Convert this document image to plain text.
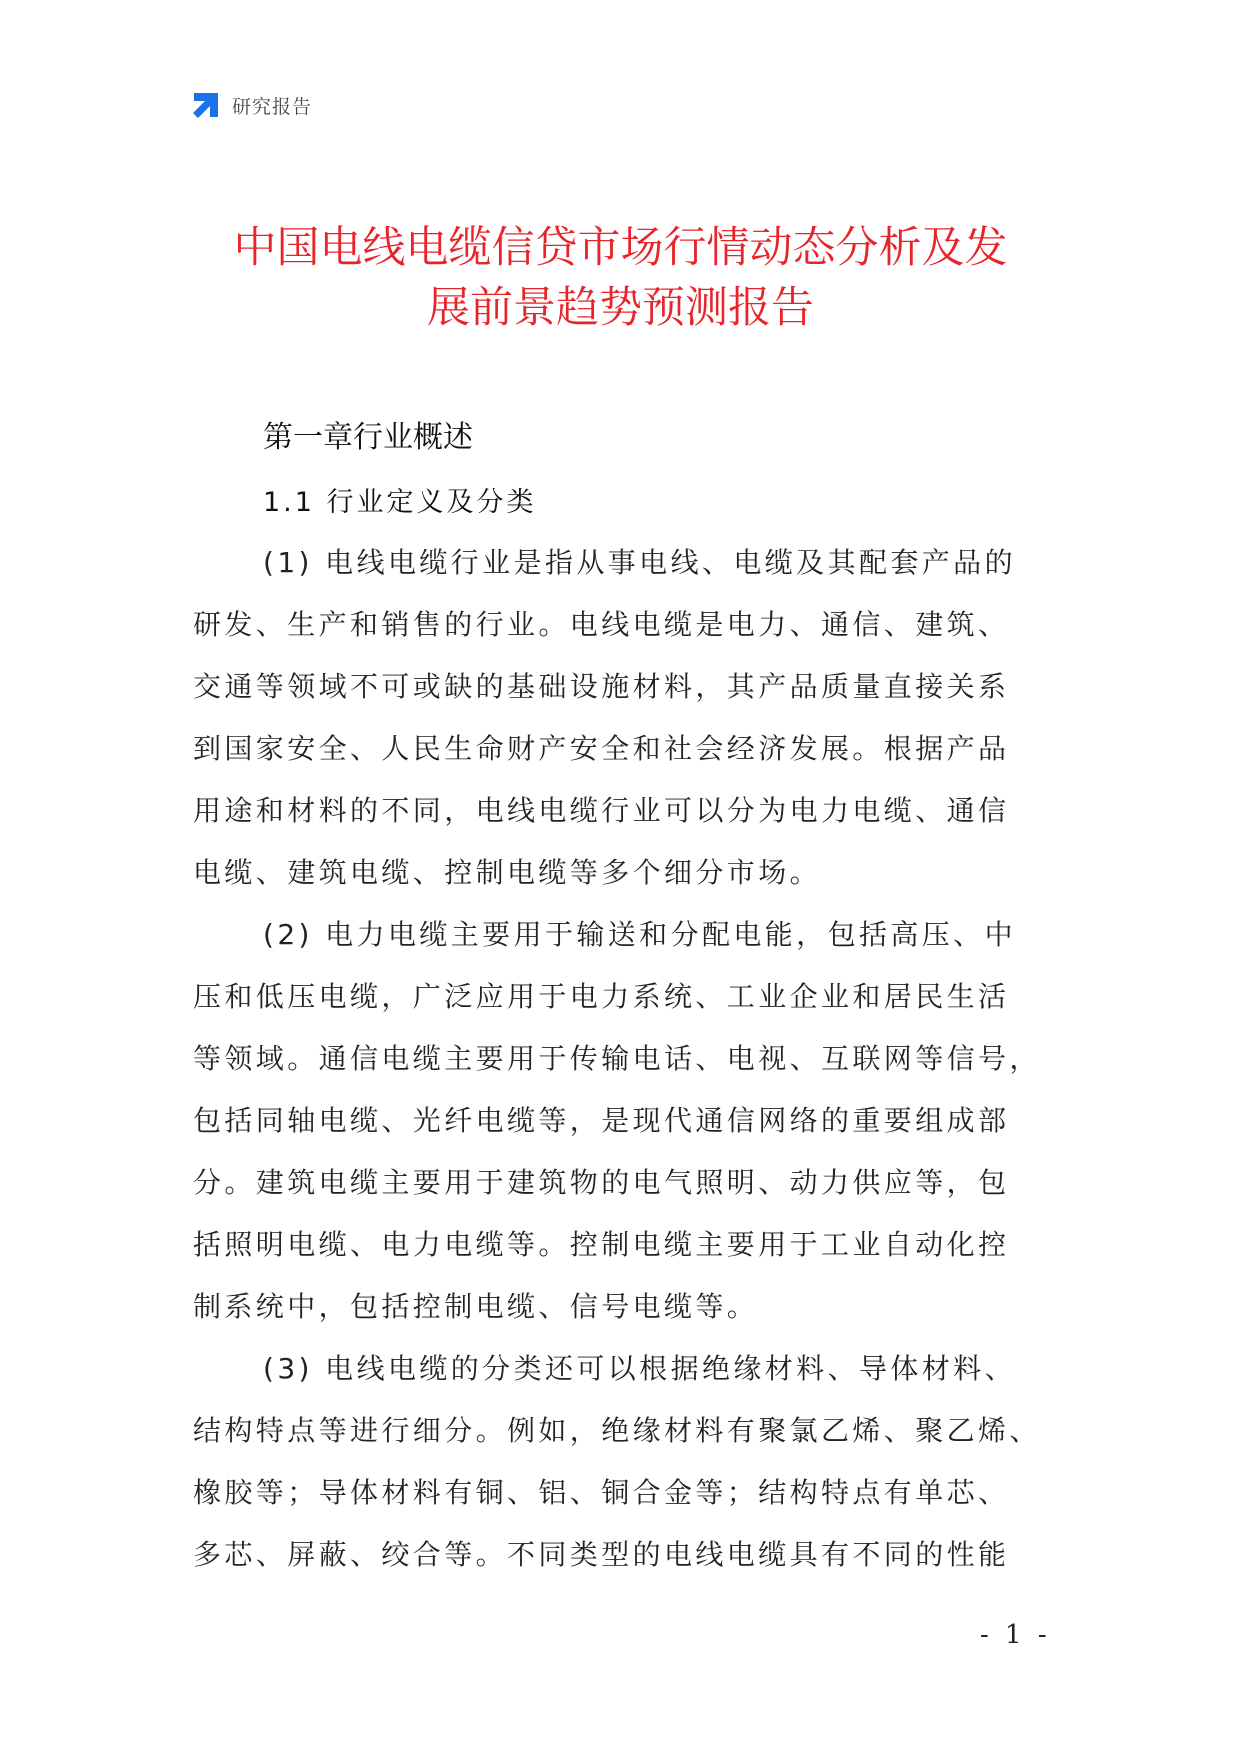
研究报告
中国电线电缆信贷市场行情动态分析及发
展前景趋势预测报告
第一章行业概述
1.1 行业定义及分类
(1) 电线电缆行业是指从事电线、电缆及其配套产品的
研发、生产和销售的行业。电线电缆是电力、通信、建筑、
交通等领域不可或缺的基础设施材料，其产品质量直接关系
到国家安全、人民生命财产安全和社会经济发展。根据产品
用途和材料的不同，电线电缆行业可以分为电力电缆、通信
电缆、建筑电缆、控制电缆等多个细分市场。
(2) 电力电缆主要用于输送和分配电能，包括高压、中
压和低压电缆，广泛应用于电力系统、工业企业和居民生活
等领域。通信电缆主要用于传输电话、电视、互联网等信号，
包括同轴电缆、光纤电缆等，是现代通信网络的重要组成部
分。建筑电缆主要用于建筑物的电气照明、动力供应等，包
括照明电缆、电力电缆等。控制电缆主要用于工业自动化控
制系统中，包括控制电缆、信号电缆等。
(3) 电线电缆的分类还可以根据绝缘材料、导体材料、
结构特点等进行细分。例如，绝缘材料有聚氯乙烯、聚乙烯、
橡胶等；导体材料有铜、铝、铜合金等；结构特点有单芯、
多芯、屏蔽、绞合等。不同类型的电线电缆具有不同的性能
- 1 -
